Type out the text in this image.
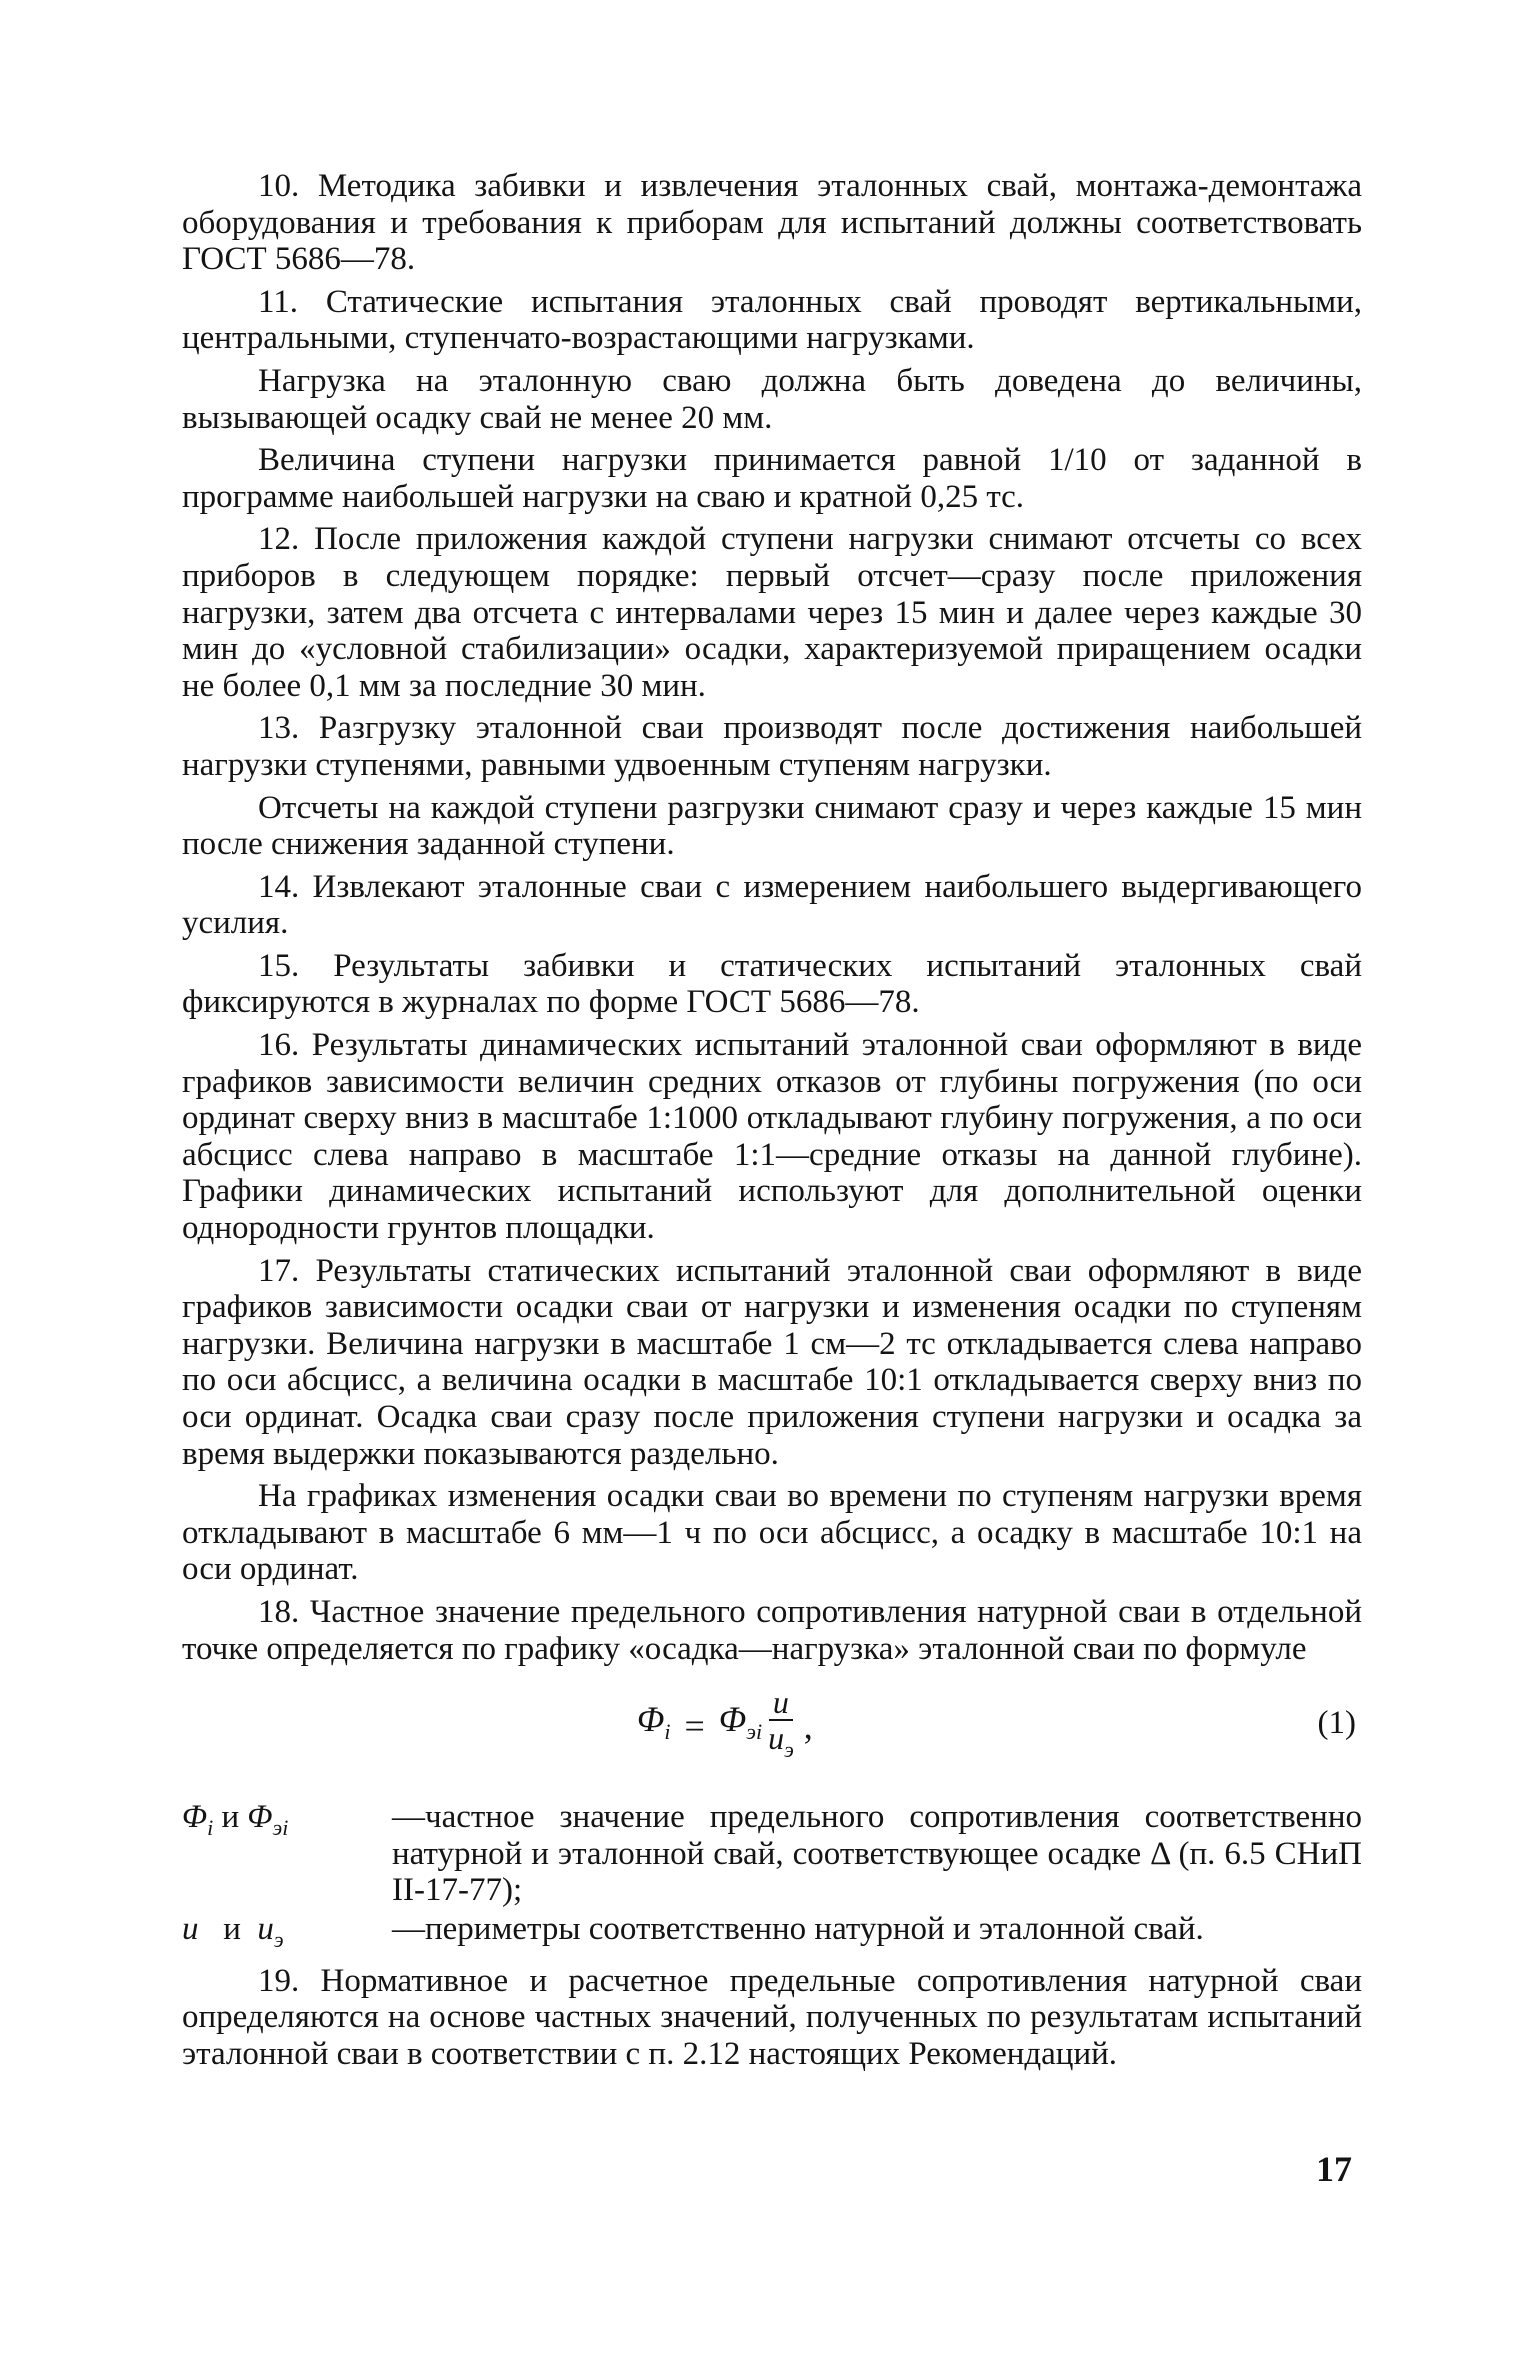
10. Методика забивки и извлечения эталонных свай, монтажа-демонтажа оборудования и требования к приборам для испытаний должны соответствовать ГОСТ 5686—78.

11. Статические испытания эталонных свай проводят вертикальными, центральными, ступенчато-возрастающими нагрузками.

Нагрузка на эталонную сваю должна быть доведена до величины, вызывающей осадку свай не менее 20 мм.

Величина ступени нагрузки принимается равной 1/10 от заданной в программе наибольшей нагрузки на сваю и кратной 0,25 тс.

12. После приложения каждой ступени нагрузки снимают отсчеты со всех приборов в следующем порядке: первый отсчет—сразу после приложения нагрузки, затем два отсчета с интервалами через 15 мин и далее через каждые 30 мин до «условной стабилизации» осадки, характеризуемой приращением осадки не более 0,1 мм за последние 30 мин.

13. Разгрузку эталонной сваи производят после достижения наибольшей нагрузки ступенями, равными удвоенным ступеням нагрузки.

Отсчеты на каждой ступени разгрузки снимают сразу и через каждые 15 мин после снижения заданной ступени.

14. Извлекают эталонные сваи с измерением наибольшего выдергивающего усилия.

15. Результаты забивки и статических испытаний эталонных свай фиксируются в журналах по форме ГОСТ 5686—78.

16. Результаты динамических испытаний эталонной сваи оформляют в виде графиков зависимости величин средних отказов от глубины погружения (по оси ординат сверху вниз в масштабе 1:1000 откладывают глубину погружения, а по оси абсцисс слева направо в масштабе 1:1—средние отказы на данной глубине). Графики динамических испытаний используют для дополнительной оценки однородности грунтов площадки.

17. Результаты статических испытаний эталонной сваи оформляют в виде графиков зависимости осадки сваи от нагрузки и изменения осадки по ступеням нагрузки. Величина нагрузки в масштабе 1 см—2 тс откладывается слева направо по оси абсцисс, а величина осадки в масштабе 10:1 откладывается сверху вниз по оси ординат. Осадка сваи сразу после приложения ступени нагрузки и осадка за время выдержки показываются раздельно.

На графиках изменения осадки сваи во времени по ступеням нагрузки время откладывают в масштабе 6 мм—1 ч по оси абсцисс, а осадку в масштабе 10:1 на оси ординат.

18. Частное значение предельного сопротивления натурной сваи в отдельной точке определяется по графику «осадка—нагрузка» эталонной сваи по формуле

$\Phi_i = \Phi_{эi} \frac{u}{u_э}$ ,	(1)
$\Phi_i$ и $\Phi_{эi}$	—частное значение предельного сопротивления соответственно натурной и эталонной свай, соответствующее осадке Δ (п. 6.5 СНиП II-17-77);
u и $u_э$	—периметры соответственно натурной и эталонной свай.

19. Нормативное и расчетное предельные сопротивления натурной сваи определяются на основе частных значений, полученных по результатам испытаний эталонной сваи в соответствии с п. 2.12 настоящих Рекомендаций.

17
